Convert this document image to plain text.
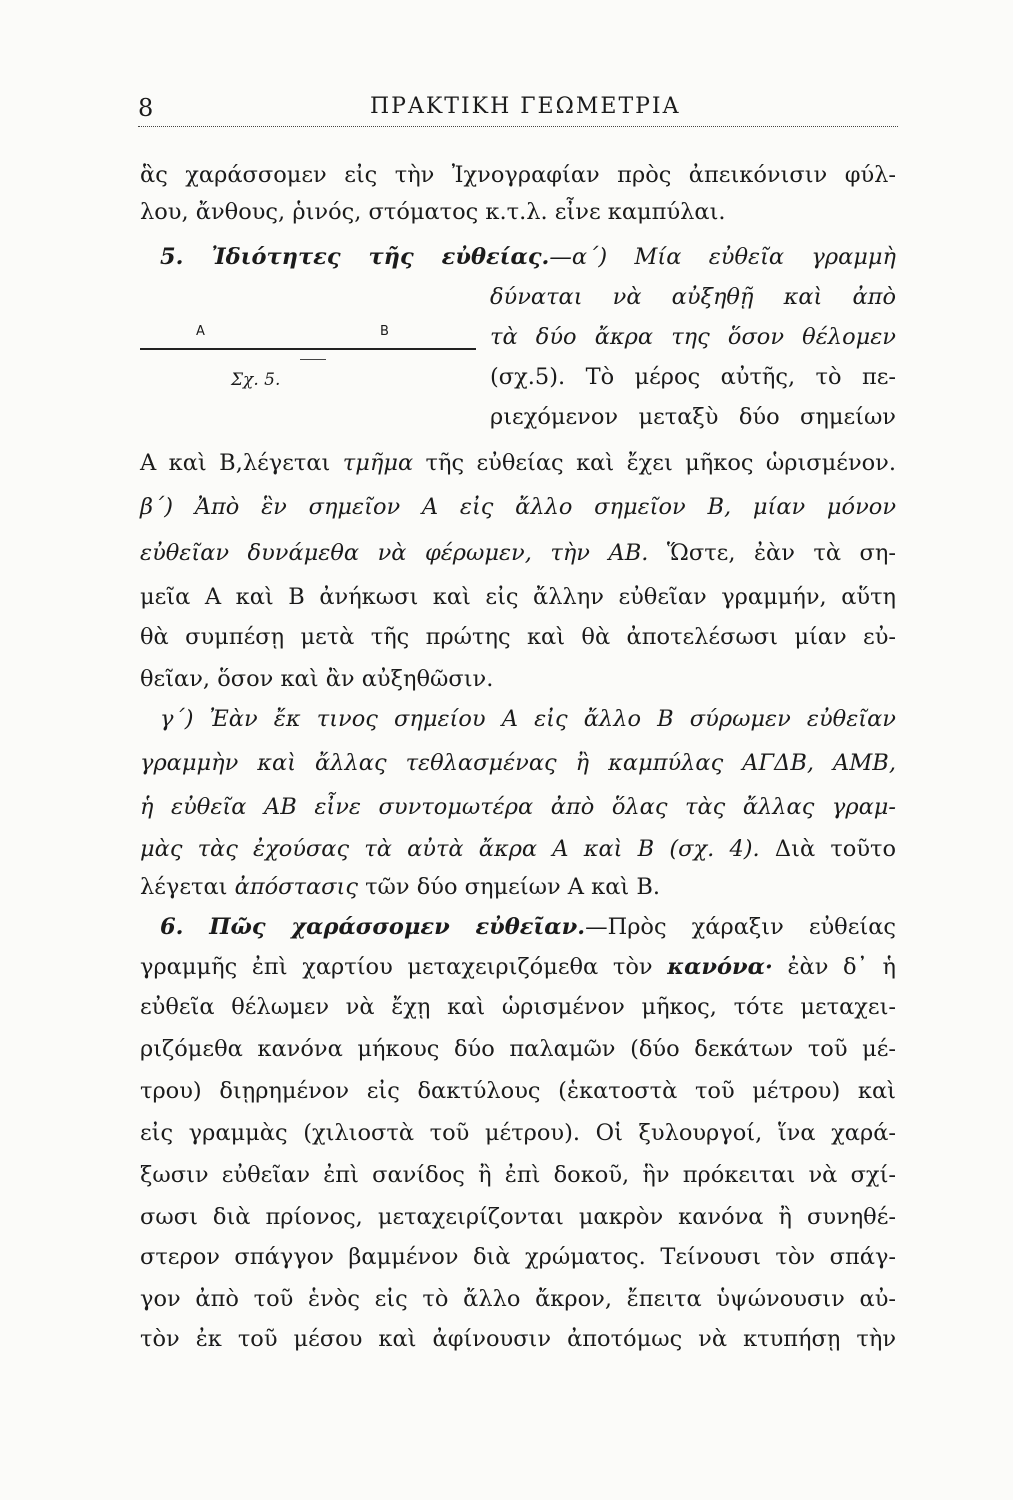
8	ΠΡΑΚΤΙΚΗ ΓΕΩΜΕΤΡΙΑ
A	B
Σχ. 5.
ἃς χαράσσομεν εἰς τὴν Ἰχνογραφίαν πρὸς ἀπεικόνισιν φύλ-
λου, ἄνθους, ῥινός, στόματος κ.τ.λ. εἶνε καμπύλαι.
5. Ἰδιότητες τῆς εὐθείας.—α΄) Μία εὐθεῖα γραμμὴ
δύναται νὰ αὐξηθῇ καὶ ἀπὸ
τὰ δύο ἄκρα της ὅσον θέλομεν
(σχ.5). Τὸ μέρος αὐτῆς, τὸ πε-
ριεχόμενον μεταξὺ δύο σημείων
Α καὶ Β,λέγεται τμῆμα τῆς εὐθείας καὶ ἔχει μῆκος ὡρισμένον.
β΄) Ἀπὸ ἓν σημεῖον Α εἰς ἄλλο σημεῖον Β, μίαν μόνον
εὐθεῖαν δυνάμεθα νὰ φέρωμεν, τὴν ΑΒ. Ὥστε, ἐὰν τὰ ση-
μεῖα Α καὶ Β ἀνήκωσι καὶ εἰς ἄλλην εὐθεῖαν γραμμήν, αὕτη
θὰ συμπέσῃ μετὰ τῆς πρώτης καὶ θὰ ἀποτελέσωσι μίαν εὐ-
θεῖαν, ὅσον καὶ ἂν αὐξηθῶσιν.
γ΄) Ἐὰν ἔκ τινος σημείου Α εἰς ἄλλο Β σύρωμεν εὐθεῖαν
γραμμὴν καὶ ἄλλας τεθλασμένας ἢ καμπύλας ΑΓΔΒ, ΑΜΒ,
ἡ εὐθεῖα ΑΒ εἶνε συντομωτέρα ἀπὸ ὅλας τὰς ἄλλας γραμ-
μὰς τὰς ἐχούσας τὰ αὐτὰ ἄκρα Α καὶ Β (σχ. 4). Διὰ τοῦτο
λέγεται ἀπόστασις τῶν δύο σημείων Α καὶ Β.
6. Πῶς χαράσσομεν εὐθεῖαν.—Πρὸς χάραξιν εὐθείας
γραμμῆς ἐπὶ χαρτίου μεταχειριζόμεθα τὸν κανόνα· ἐὰν δ᾽ ἡ
εὐθεῖα θέλωμεν νὰ ἔχῃ καὶ ὡρισμένον μῆκος, τότε μεταχει-
ριζόμεθα κανόνα μήκους δύο παλαμῶν (δύο δεκάτων τοῦ μέ-
τρου) διῃρημένον εἰς δακτύλους (ἑκατοστὰ τοῦ μέτρου) καὶ
εἰς γραμμὰς (χιλιοστὰ τοῦ μέτρου). Οἱ ξυλουργοί, ἵνα χαρά-
ξωσιν εὐθεῖαν ἐπὶ σανίδος ἢ ἐπὶ δοκοῦ, ἣν πρόκειται νὰ σχί-
σωσι διὰ πρίονος, μεταχειρίζονται μακρὸν κανόνα ἢ συνηθέ-
στερον σπάγγον βαμμένον διὰ χρώματος. Τείνουσι τὸν σπάγ-
γον ἀπὸ τοῦ ἑνὸς εἰς τὸ ἄλλο ἄκρον, ἔπειτα ὑψώνουσιν αὐ-
τὸν ἐκ τοῦ μέσου καὶ ἀφίνουσιν ἀποτόμως νὰ κτυπήσῃ τὴν
